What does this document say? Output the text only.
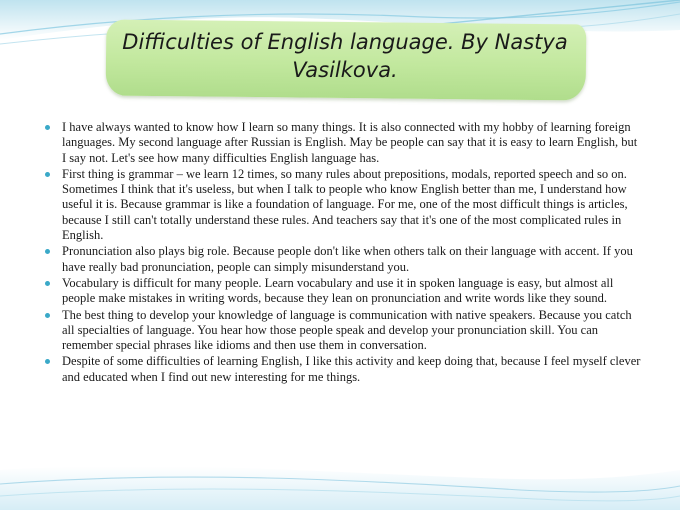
Difficulties of English language. By Nastya Vasilkova.
I have always wanted to know how I learn so many things. It is also connected with my hobby of learning foreign languages. My second language after Russian is English. May be people can say that it is easy to learn English, but I say not. Let's see how many difficulties English language has.
First thing is grammar – we learn 12 times, so many rules about prepositions, modals, reported speech and so on. Sometimes I think that it's useless, but when I talk to people who know English better than me, I understand how useful it is. Because grammar is like a foundation of language. For me, one of the most difficult things is articles, because I still can't totally understand these rules. And teachers say that it's one of the most complicated rules in English.
Pronunciation also plays big role. Because people don't like when others talk on their language with accent. If you have really bad pronunciation, people can simply misunderstand you.
Vocabulary is difficult for many people. Learn vocabulary and use it in spoken language is easy, but almost all people make mistakes in writing words, because they lean on pronunciation and write words like they sound.
The best thing to develop your knowledge of language is communication with native speakers. Because you catch all specialties of language. You hear how those people speak and develop your pronunciation skill. You can remember special phrases like idioms and then use them in conversation.
Despite of some difficulties of learning English, I like this activity and keep doing that, because I feel myself clever and educated when I find out new interesting for me things.
